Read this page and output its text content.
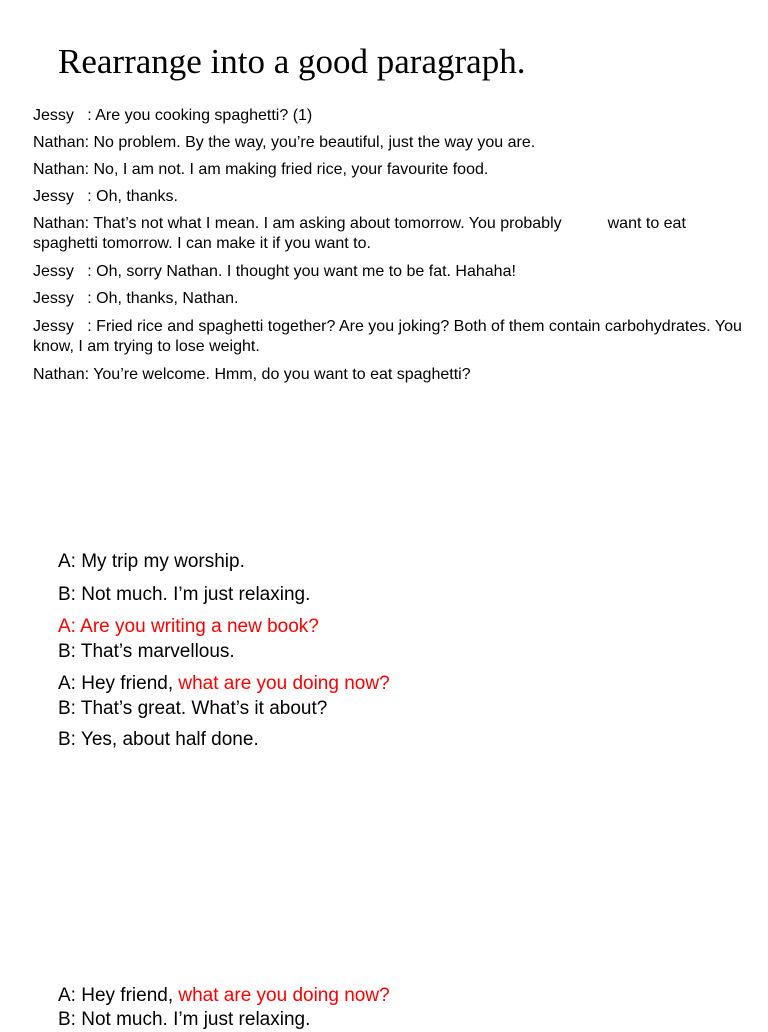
Rearrange into a good paragraph.
Jessy   : Are you cooking spaghetti? (1)
Nathan: No problem. By the way, you’re beautiful, just the way you are.
Nathan: No, I am not. I am making fried rice, your favourite food.
Jessy   : Oh, thanks.
Nathan: That’s not what I mean. I am asking about tomorrow. You probably	want to eat spaghetti tomorrow. I can make it if you want to.
Jessy   : Oh, sorry Nathan. I thought you want me to be fat. Hahaha!
Jessy   : Oh, thanks, Nathan.
Jessy   : Fried rice and spaghetti together? Are you joking? Both of them contain carbohydrates. You know, I am trying to lose weight.
Nathan: You’re welcome. Hmm, do you want to eat spaghetti?
A: My trip my worship.
B: Not much. I’m just relaxing.
A: Are you writing a new book?
B: That’s marvellous.
A: Hey friend, what are you doing now?
B: That’s great. What’s it about?
B: Yes, about half done.
A: Hey friend, what are you doing now?
B: Not much. I’m just relaxing.
